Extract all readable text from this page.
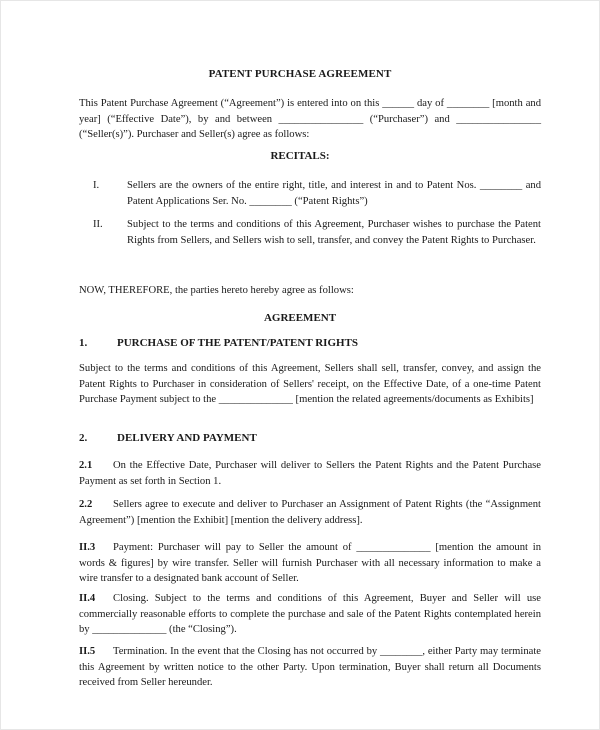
PATENT PURCHASE AGREEMENT
This Patent Purchase Agreement (“Agreement”) is entered into on this ______ day of ________ [month and year] (“Effective Date”), by and between ________________ (“Purchaser”) and ________________ (“Seller(s)”). Purchaser and Seller(s) agree as follows:
RECITALS:
I.	Sellers are the owners of the entire right, title, and interest in and to Patent Nos. ________ and Patent Applications Ser. No. ________ (“Patent Rights”)
II. Subject to the terms and conditions of this Agreement, Purchaser wishes to purchase the Patent Rights from Sellers, and Sellers wish to sell, transfer, and convey the Patent Rights to Purchaser.
NOW, THEREFORE, the parties hereto hereby agree as follows:
AGREEMENT
1.	PURCHASE OF THE PATENT/PATENT RIGHTS
Subject to the terms and conditions of this Agreement, Sellers shall sell, transfer, convey, and assign the Patent Rights to Purchaser in consideration of Sellers' receipt, on the Effective Date, of a one-time Patent Purchase Payment subject to the ______________ [mention the related agreements/documents as Exhibits]
2.	DELIVERY AND PAYMENT
2.1 On the Effective Date, Purchaser will deliver to Sellers the Patent Rights and the Patent Purchase Payment as set forth in Section 1.
2.2 Sellers agree to execute and deliver to Purchaser an Assignment of Patent Rights (the “Assignment Agreement”) [mention the Exhibit] [mention the delivery address].
II.3 Payment: Purchaser will pay to Seller the amount of ______________ [mention the amount in words & figures] by wire transfer. Seller will furnish Purchaser with all necessary information to make a wire transfer to a designated bank account of Seller.
II.4 Closing. Subject to the terms and conditions of this Agreement, Buyer and Seller will use commercially reasonable efforts to complete the purchase and sale of the Patent Rights contemplated herein by ______________ (the “Closing”).
II.5 Termination. In the event that the Closing has not occurred by ________, either Party may terminate this Agreement by written notice to the other Party. Upon termination, Buyer shall return all Documents received from Seller hereunder.
